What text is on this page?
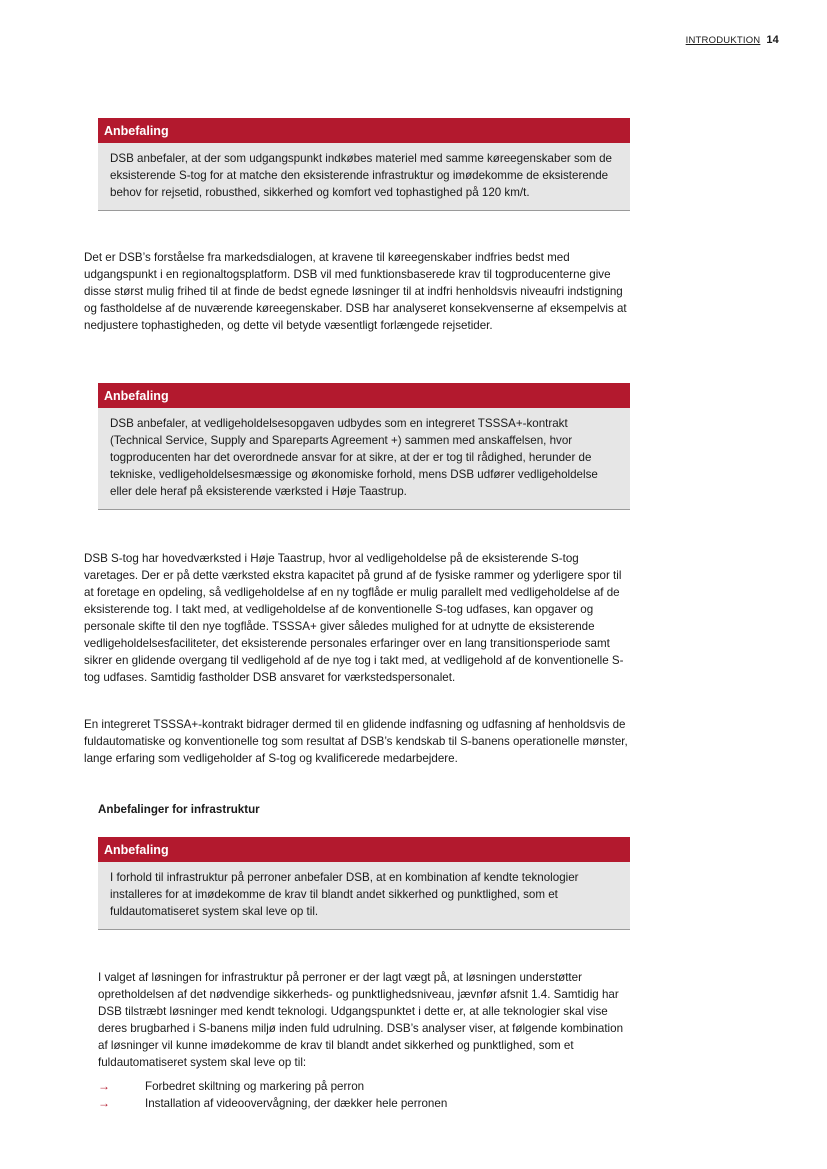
INTRODUKTION 14
Anbefaling
DSB anbefaler, at der som udgangspunkt indkøbes materiel med samme køreegenskaber som de eksisterende S-tog for at matche den eksisterende infrastruktur og imødekomme de eksisterende behov for rejsetid, robusthed, sikkerhed og komfort ved tophastighed på 120 km/t.

Det er DSB’s forståelse fra markedsdialogen, at kravene til køreegenskaber indfries bedst med udgangspunkt i en regionaltogsplatform. DSB vil med funktionsbaserede krav til togproducenterne give disse størst mulig frihed til at finde de bedst egnede løsninger til at indfri henholdsvis niveaufri indstigning og fastholdelse af de nuværende køreegenskaber. DSB har analyseret konsekvenserne af eksempelvis at nedjustere tophastigheden, og dette vil betyde væsentligt forlængede rejsetider.

Anbefaling
DSB anbefaler, at vedligeholdelsesopgaven udbydes som en integreret TSSSA+-kontrakt (Technical Service, Supply and Spareparts Agreement +) sammen med anskaffelsen, hvor togproducenten har det overordnede ansvar for at sikre, at der er tog til rådighed, herunder de tekniske, vedligeholdelsesmæssige og økonomiske forhold, mens DSB udfører vedligeholdelse eller dele heraf på eksisterende værksted i Høje Taastrup.

DSB S-tog har hovedværksted i Høje Taastrup, hvor al vedligeholdelse på de eksisterende S-tog varetages. Der er på dette værksted ekstra kapacitet på grund af de fysiske rammer og yderligere spor til at foretage en opdeling, så vedligeholdelse af en ny togflåde er mulig parallelt med vedligeholdelse af de eksisterende tog. I takt med, at vedligeholdelse af de konventionelle S-tog udfases, kan opgaver og personale skifte til den nye togflåde. TSSSA+ giver således mulighed for at udnytte de eksisterende vedligeholdelsesfaciliteter, det eksisterende personales erfaringer over en lang transitionsperiode samt sikrer en glidende overgang til vedligehold af de nye tog i takt med, at vedligehold af de konventionelle S-tog udfases. Samtidig fastholder DSB ansvaret for værkstedspersonalet.

En integreret TSSSA+-kontrakt bidrager dermed til en glidende indfasning og udfasning af henholdsvis de fuldautomatiske og konventionelle tog som resultat af DSB’s kendskab til S-banens operationelle mønster, lange erfaring som vedligeholder af S-tog og kvalificerede medarbejdere.

Anbefalinger for infrastruktur
Anbefaling
I forhold til infrastruktur på perroner anbefaler DSB, at en kombination af kendte teknologier installeres for at imødekomme de krav til blandt andet sikkerhed og punktlighed, som et fuldautomatiseret system skal leve op til.

I valget af løsningen for infrastruktur på perroner er der lagt vægt på, at løsningen understøtter opretholdelsen af det nødvendige sikkerheds- og punktlighedsniveau, jævnfør afsnit 1.4. Samtidig har DSB tilstræbt løsninger med kendt teknologi. Udgangspunktet i dette er, at alle teknologier skal vise deres brugbarhed i S-banens miljø inden fuld udrulning. DSB’s analyser viser, at følgende kombination af løsninger vil kunne imødekomme de krav til blandt andet sikkerhed og punktlighed, som et fuldautomatiseret system skal leve op til:

→	Forbedret skiltning og markering på perron
→	Installation af videoovervågning, der dækker hele perronen
